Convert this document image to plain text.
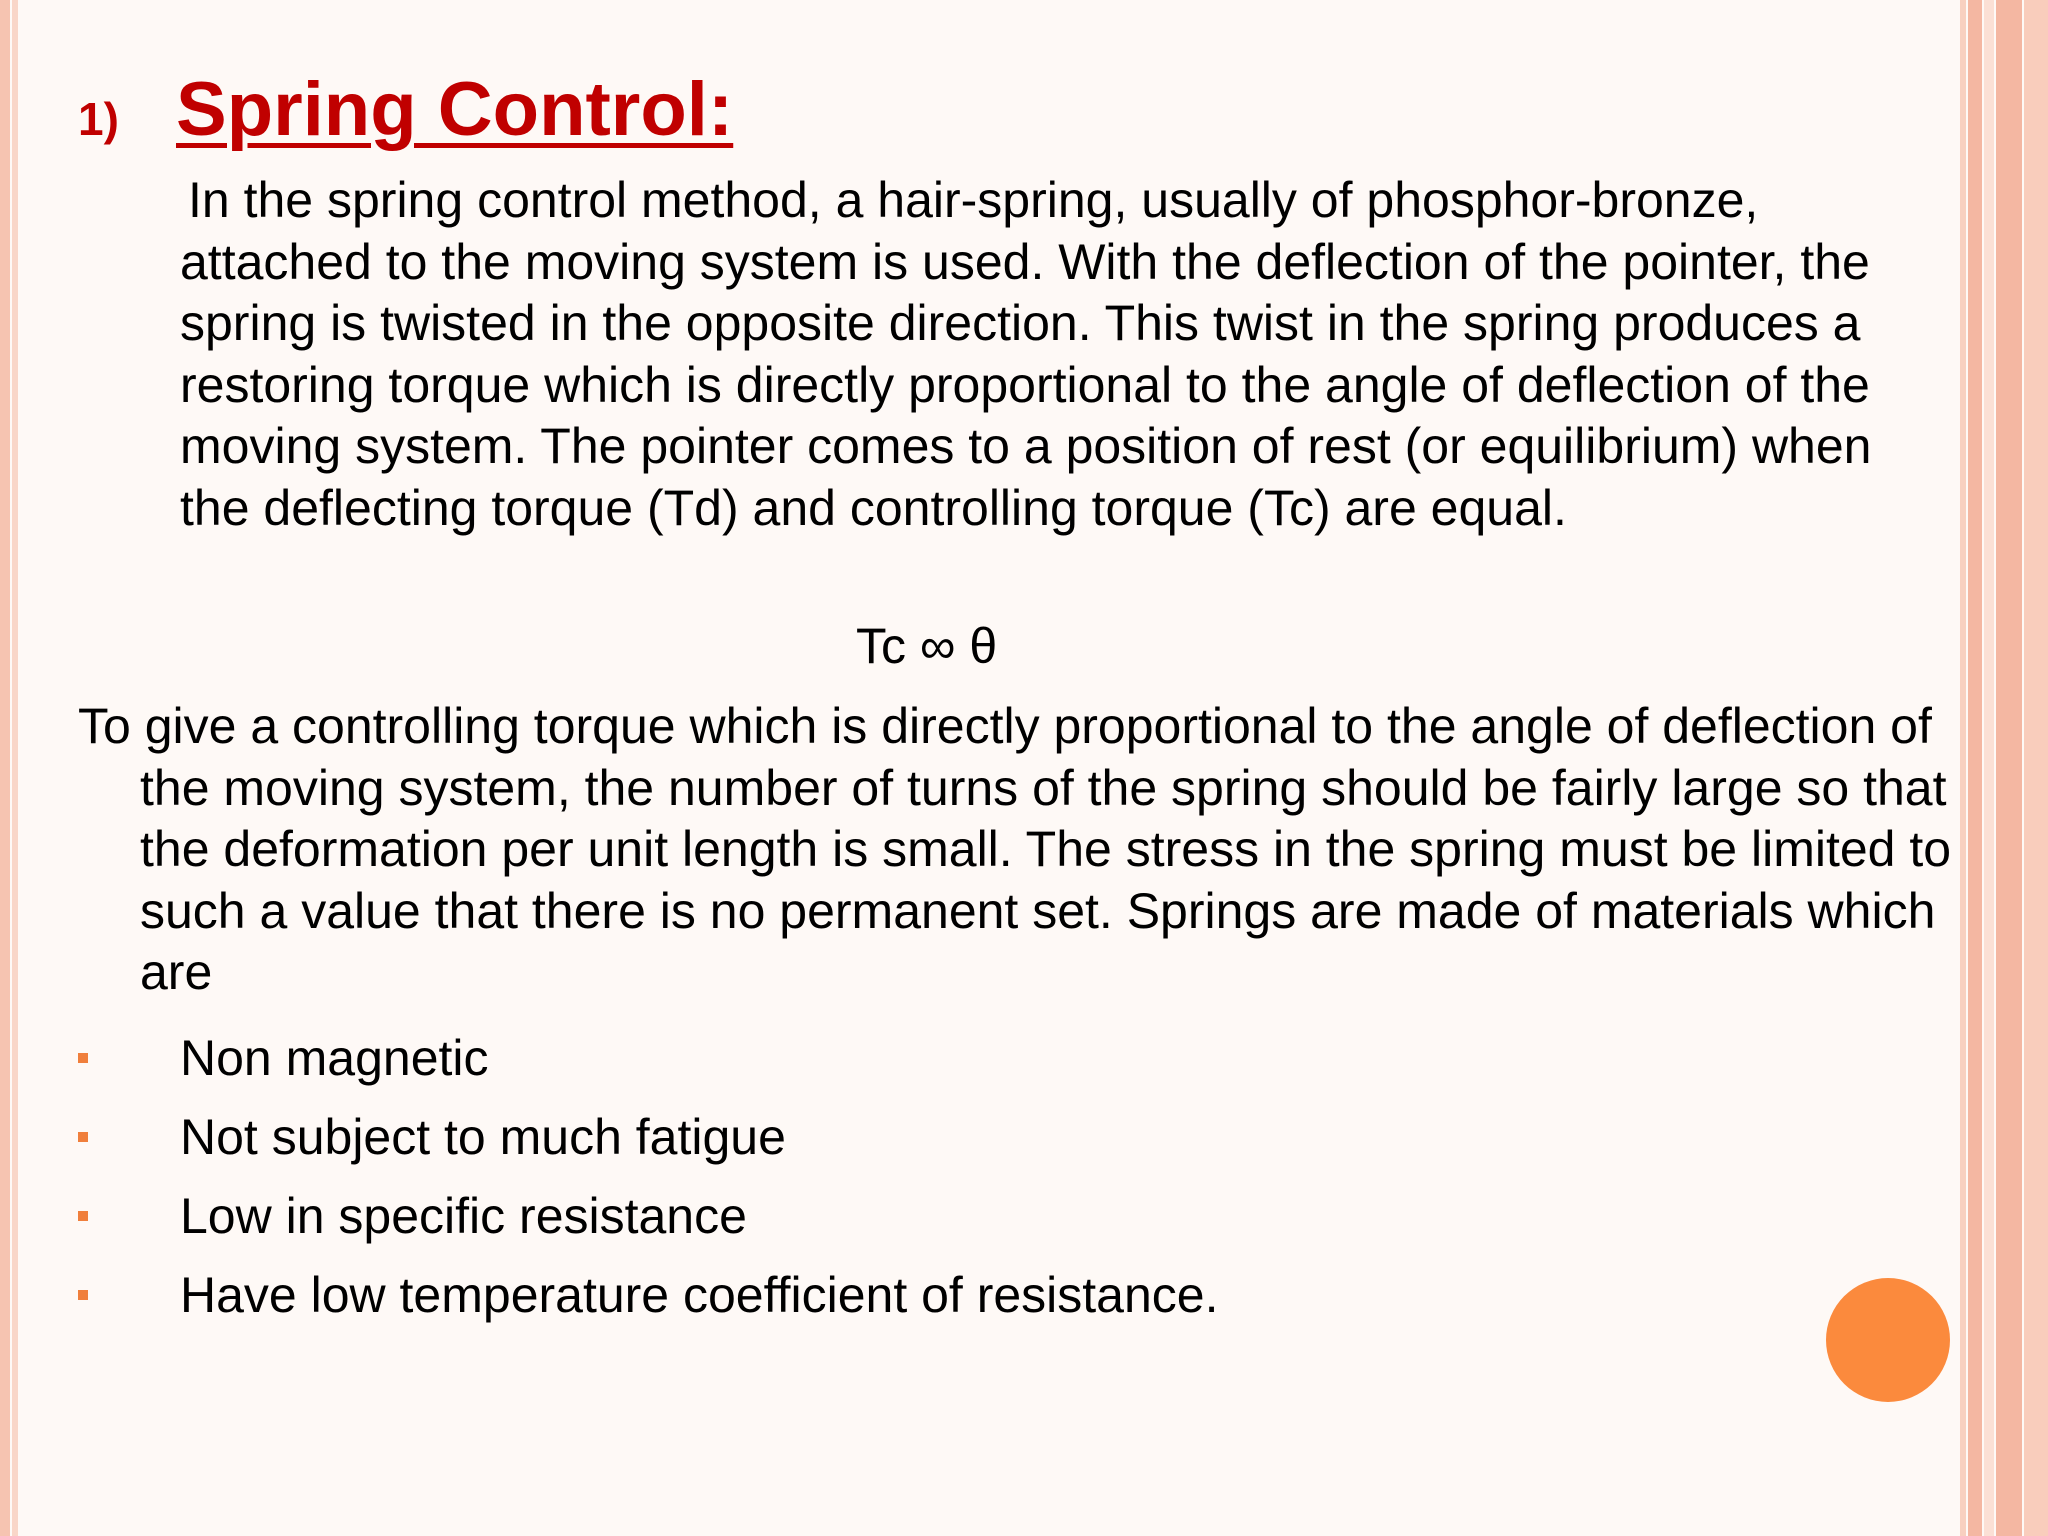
1) Spring Control:
In the spring control method, a hair-spring, usually of phosphor-bronze, attached to the moving system is used. With the deflection of the pointer, the spring is twisted in the opposite direction. This twist in the spring produces a restoring torque which is directly proportional to the angle of deflection of the moving system. The pointer comes to a position of rest (or equilibrium) when the deflecting torque (Td) and controlling torque (Tc) are equal.
Tc ∞ θ
To give a controlling torque which is directly proportional to the angle of deflection of the moving system, the number of turns of the spring should be fairly large so that the deformation per unit length is small. The stress in the spring must be limited to such a value that there is no permanent set. Springs are made of materials which are
Non magnetic
Not subject to much fatigue
Low in specific resistance
Have low temperature coefficient of resistance.
